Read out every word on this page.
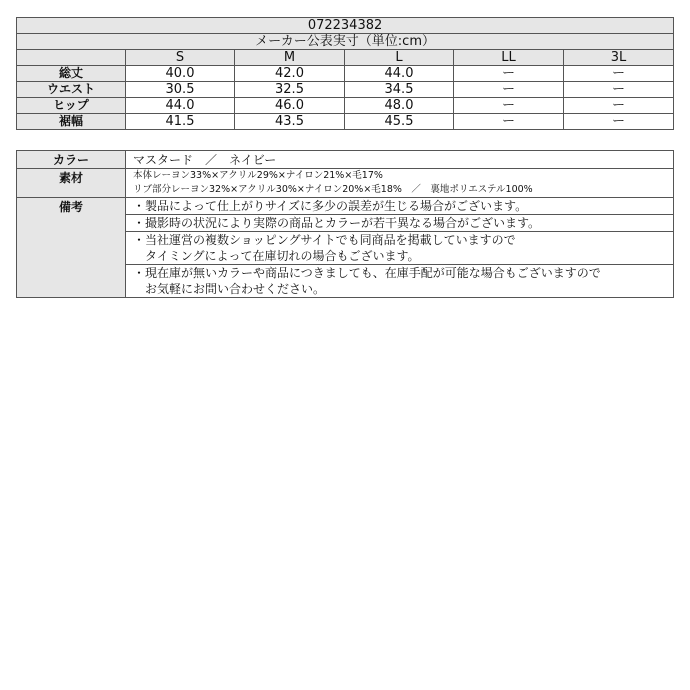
072234382					
メーカー公表実寸（単位:cm）					
	S	M	L	LL	3L
総丈	40.0	42.0	44.0	ー	ー
ウエスト	30.5	32.5	34.5	ー	ー
ヒップ	44.0	46.0	48.0	ー	ー
裾幅	41.5	43.5	45.5	ー	ー
カラー	マスタード　／　ネイビー
素材	本体レーヨン33%×アクリル29%×ナイロン21%×毛17%
リブ部分レーヨン32%×アクリル30%×ナイロン20%×毛18%　／　裏地ポリエステル100%

備考	・製品によって仕上がりサイズに多少の誤差が生じる場合がございます。

	・撮影時の状況により実際の商品とカラーが若干異なる場合がございます。

	・当社運営の複数ショッピングサイトでも同商品を掲載していますので
　タイミングによって在庫切れの場合もございます。

	・現在庫が無いカラーや商品につきましても、在庫手配が可能な場合もございますので
　お気軽にお問い合わせください。
